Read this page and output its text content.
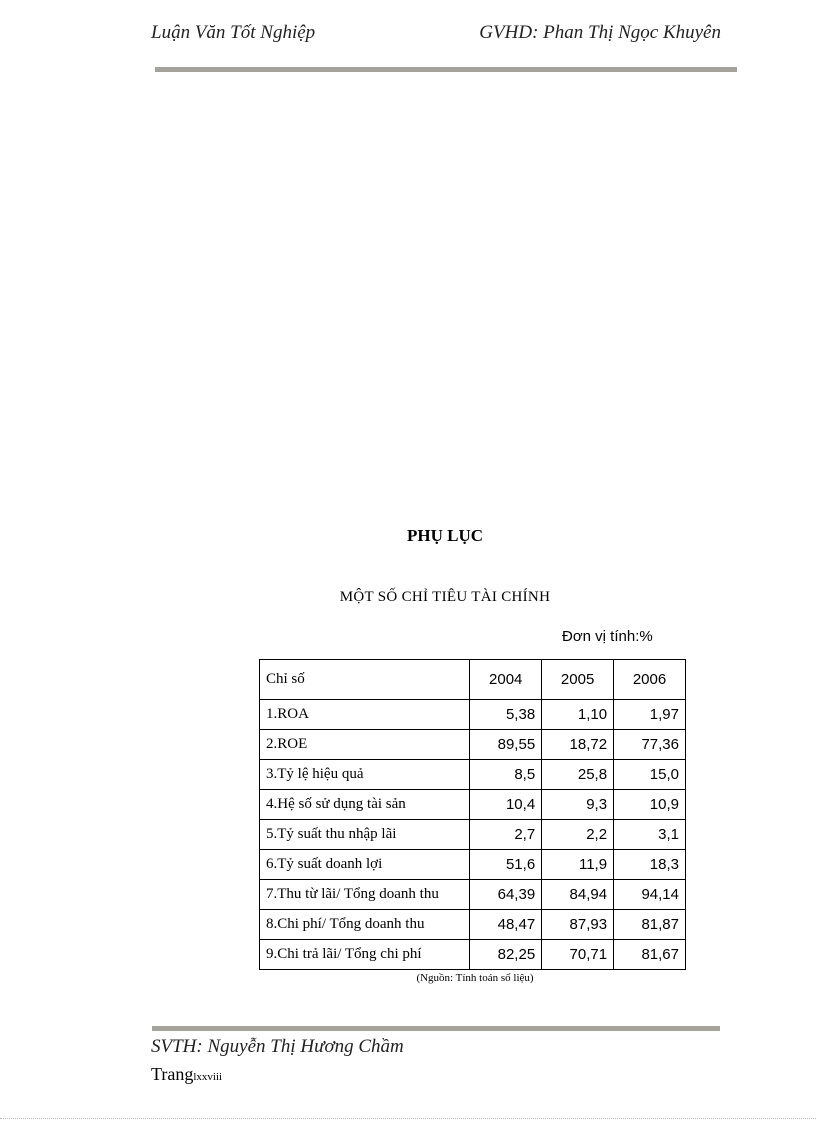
Luận Văn Tốt Nghiệp	GVHD: Phan Thị Ngọc Khuyên
PHỤ LỤC
MỘT SỐ CHỈ TIÊU TÀI CHÍNH
Đơn vị tính:%
Chỉ số	2004	2005	2006
1.ROA	5,38	1,10	1,97
2.ROE	89,55	18,72	77,36
3.Tỷ lệ hiệu quả	8,5	25,8	15,0
4.Hệ số sử dụng tài sản	10,4	9,3	10,9
5.Tỷ suất thu nhập lãi	2,7	2,2	3,1
6.Tỷ suất doanh lợi	51,6	11,9	18,3
7.Thu từ lãi/ Tổng doanh thu	64,39	84,94	94,14
8.Chi phí/ Tổng doanh thu	48,47	87,93	81,87
9.Chi trả lãi/ Tổng chi phí	82,25	70,71	81,67
(Nguồn: Tính toán số liệu)
SVTH: Nguyễn Thị Hương Chầm
Tranglxxviii
